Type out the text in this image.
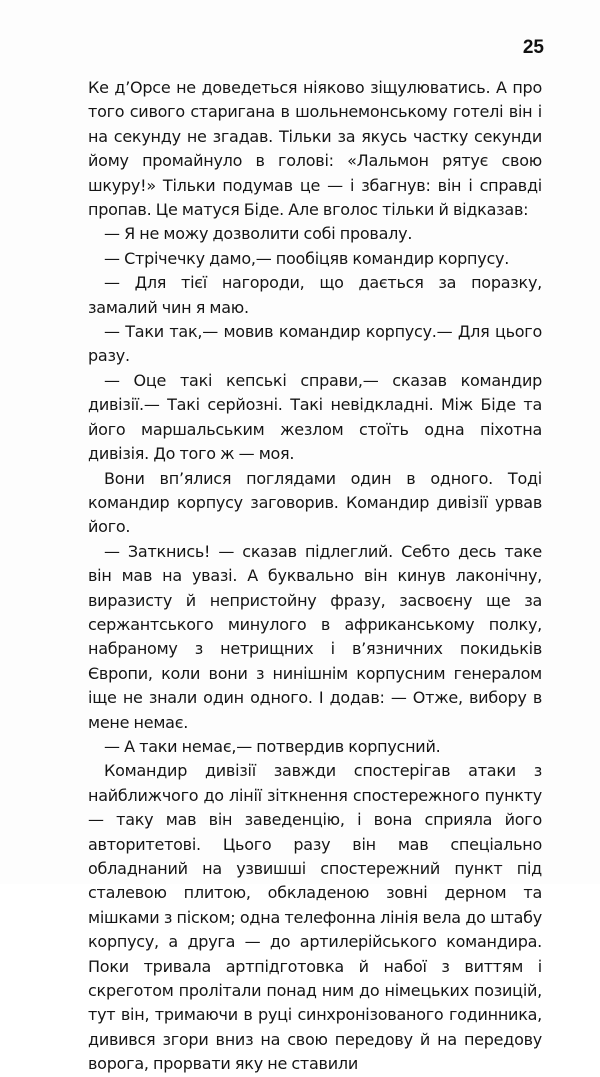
25

Ке д’Орсе не доведеться ніяково зіщулюватись. А про того сивого старигана в шольнемонському готелі він і на секунду не згадав. Тільки за якусь частку секунди йому промайнуло в голові: «Лальмон рятує свою шкуру!» Тільки подумав це — і збагнув: він і справді пропав. Це матуся Біде. Але вголос тільки й відказав:

— Я не можу дозволити собі провалу.

— Стрічечку дамо,— пообіцяв командир корпусу.

— Для тієї нагороди, що дається за поразку, замалий чин я маю.

— Таки так,— мовив командир корпусу.— Для цього разу.

— Оце такі кепські справи,— сказав командир дивізії.— Такі серйозні. Такі невідкладні. Між Біде та його маршальським жезлом стоїть одна піхотна дивізія. До того ж — моя.

Вони вп’ялися поглядами один в одного. Тоді командир корпусу заговорив. Командир дивізії урвав його.

— Заткнись! — сказав підлеглий. Себто десь таке він мав на увазі. А буквально він кинув лаконічну, виразисту й непристойну фразу, засвоєну ще за сержантського минулого в африканському полку, набраному з нетрищних і в’язничних покидьків Європи, коли вони з нинішнім корпусним генералом іще не знали один одного. І додав: — Отже, вибору в мене немає.

— А таки немає,— потвердив корпусний.

Командир дивізії завжди спостерігав атаки з найближчого до лінії зіткнення спостережного пункту — таку мав він заведенцію, і вона сприяла його авторитетові. Цього разу він мав спеціально обладнаний на узвишші спостережний пункт під сталевою плитою, обкладеною зовні дерном та мішками з піском; одна телефонна лінія вела до штабу корпусу, а друга — до артилерійського командира. Поки тривала артпідготовка й набої з виттям і скреготом пролітали понад ним до німецьких позицій, тут він, тримаючи в руці синхронізованого годинника, дивився згори вниз на свою передову й на передову ворога, прорвати яку не ставили
